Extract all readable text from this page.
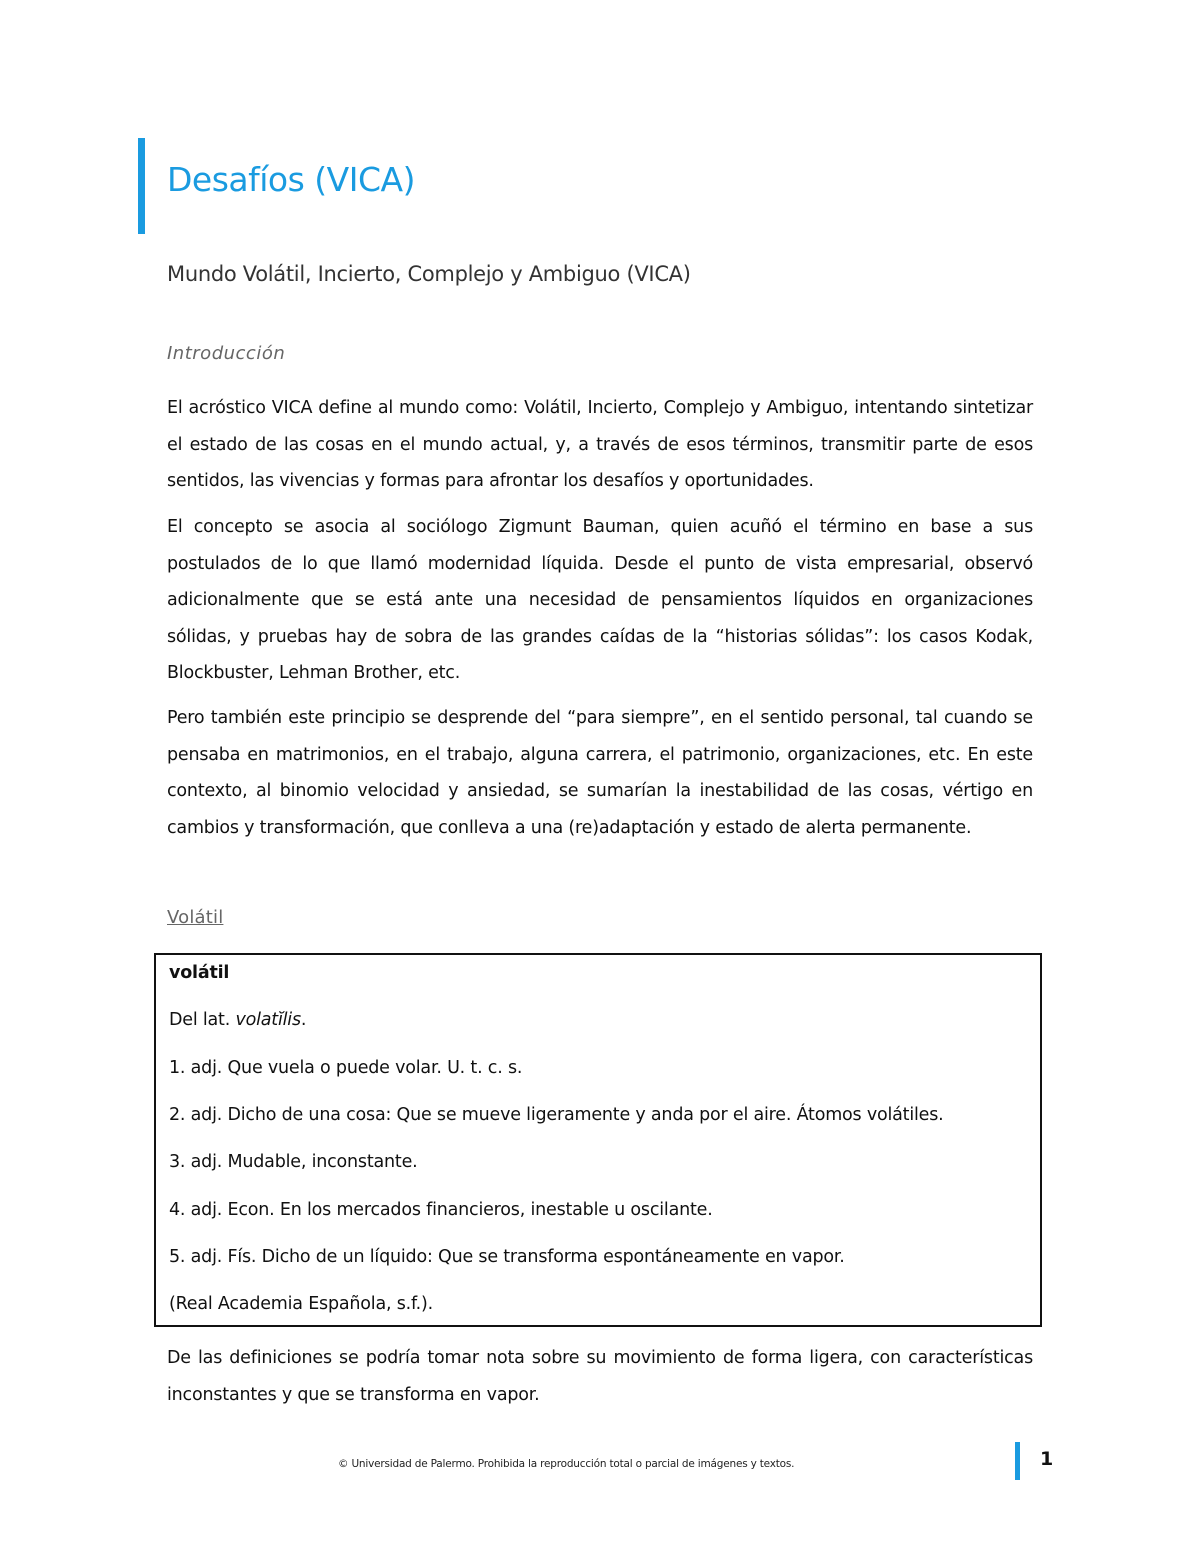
Desafíos (VICA)
Mundo Volátil, Incierto, Complejo y Ambiguo (VICA)
Introducción

El acróstico VICA define al mundo como: Volátil, Incierto, Complejo y Ambiguo, intentando sintetizar el estado de las cosas en el mundo actual, y, a través de esos términos, transmitir parte de esos sentidos, las vivencias y formas para afrontar los desafíos y oportunidades.

El concepto se asocia al sociólogo Zigmunt Bauman, quien acuñó el término en base a sus postulados de lo que llamó modernidad líquida. Desde el punto de vista empresarial, observó adicionalmente que se está ante una necesidad de pensamientos líquidos en organizaciones sólidas, y pruebas hay de sobra de las grandes caídas de la “historias sólidas”: los casos Kodak, Blockbuster, Lehman Brother, etc.

Pero también este principio se desprende del “para siempre”, en el sentido personal, tal cuando se pensaba en matrimonios, en el trabajo, alguna carrera, el patrimonio, organizaciones, etc. En este contexto, al binomio velocidad y ansiedad, se sumarían la inestabilidad de las cosas, vértigo en cambios y transformación, que conlleva a una (re)adaptación y estado de alerta permanente.

Volátil
volátil
Del lat. volatĭlis.
1. adj. Que vuela o puede volar. U. t. c. s.
2. adj. Dicho de una cosa: Que se mueve ligeramente y anda por el aire. Átomos volátiles.
3. adj. Mudable, inconstante.
4. adj. Econ. En los mercados financieros, inestable u oscilante.
5. adj. Fís. Dicho de un líquido: Que se transforma espontáneamente en vapor.
(Real Academia Española, s.f.).

De las definiciones se podría tomar nota sobre su movimiento de forma ligera, con características inconstantes y que se transforma en vapor.

© Universidad de Palermo. Prohibida la reproducción total o parcial de imágenes y textos.	1
